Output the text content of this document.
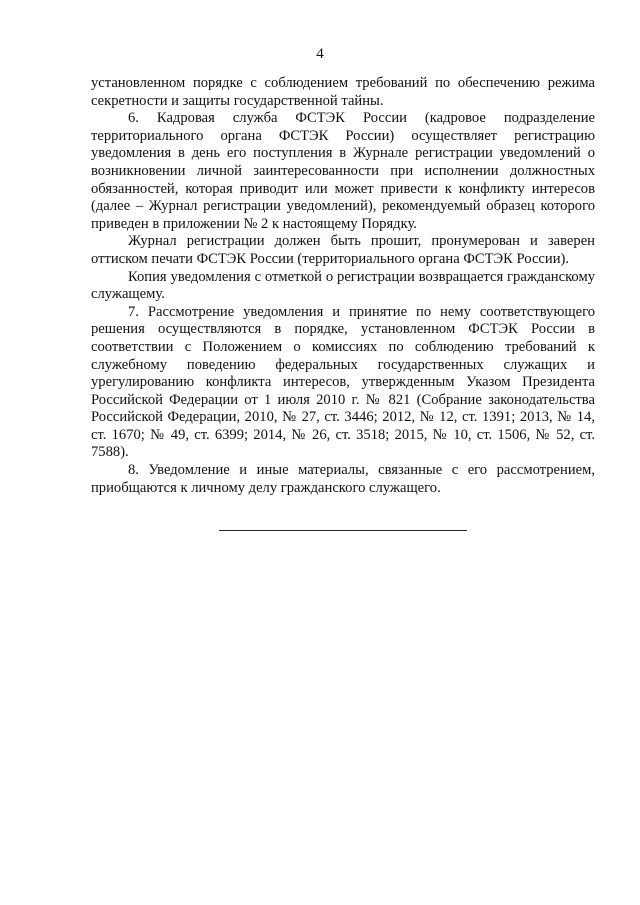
4

установленном порядке с соблюдением требований по обеспечению режима секретности и защиты государственной тайны.

6. Кадровая служба ФСТЭК России (кадровое подразделение территориального органа ФСТЭК России) осуществляет регистрацию уведомления в день его поступления в Журнале регистрации уведомлений о возникновении личной заинтересованности при исполнении должностных обязанностей, которая приводит или может привести к конфликту интересов (далее – Журнал регистрации уведомлений), рекомендуемый образец которого приведен в приложении № 2 к настоящему Порядку.

Журнал регистрации должен быть прошит, пронумерован и заверен оттиском печати ФСТЭК России (территориального органа ФСТЭК России).

Копия уведомления с отметкой о регистрации возвращается гражданскому служащему.

7. Рассмотрение уведомления и принятие по нему соответствующего решения осуществляются в порядке, установленном ФСТЭК России в соответствии с Положением о комиссиях по соблюдению требований к служебному поведению федеральных государственных служащих и урегулированию конфликта интересов, утвержденным Указом Президента Российской Федерации от 1 июля 2010 г. № 821 (Собрание законодательства Российской Федерации, 2010, № 27, ст. 3446; 2012, № 12, ст. 1391; 2013, № 14, ст. 1670; № 49, ст. 6399; 2014, № 26, ст. 3518; 2015, № 10, ст. 1506, № 52, ст. 7588).

8. Уведомление и иные материалы, связанные с его рассмотрением, приобщаются к личному делу гражданского служащего.
